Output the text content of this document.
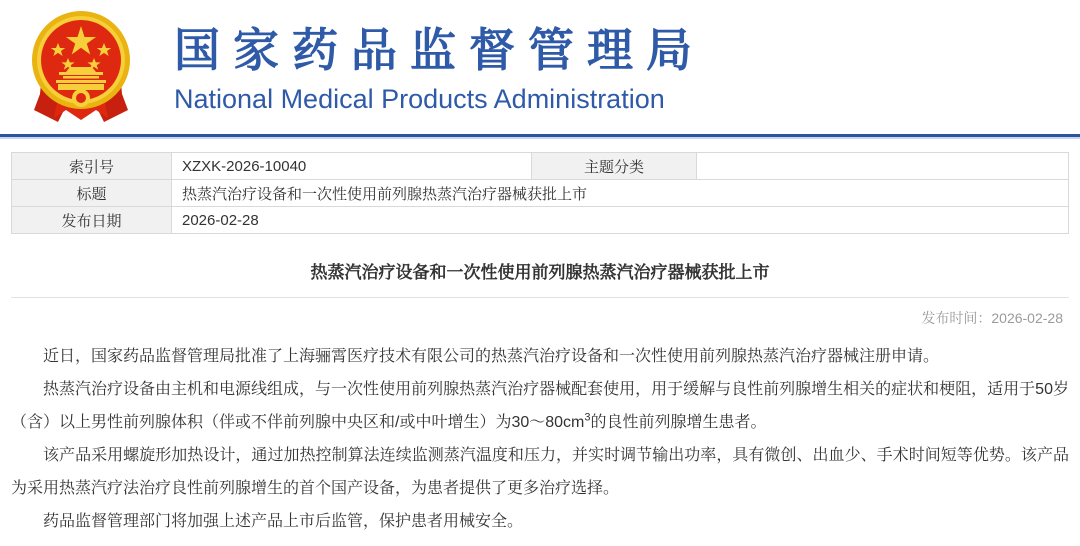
国家药品监督管理局
National Medical Products Administration
索引号	XZXK-2026-10040	主题分类	
标题	热蒸汽治疗设备和一次性使用前列腺热蒸汽治疗器械获批上市		
发布日期	2026-02-28		
热蒸汽治疗设备和一次性使用前列腺热蒸汽治疗器械获批上市
发布时间：2026-02-28

近日，国家药品监督管理局批准了上海骊霄医疗技术有限公司的热蒸汽治疗设备和一次性使用前列腺热蒸汽治疗器械注册申请。

热蒸汽治疗设备由主机和电源线组成，与一次性使用前列腺热蒸汽治疗器械配套使用，用于缓解与良性前列腺增生相关的症状和梗阻，适用于50岁（含）以上男性前列腺体积（伴或不伴前列腺中央区和/或中叶增生）为$30\sim 80cm^3$的良性前列腺增生患者。

该产品采用螺旋形加热设计，通过加热控制算法连续监测蒸汽温度和压力，并实时调节输出功率，具有微创、出血少、手术时间短等优势。该产品为采用热蒸汽疗法治疗良性前列腺增生的首个国产设备，为患者提供了更多治疗选择。

药品监督管理部门将加强上述产品上市后监管，保护患者用械安全。
